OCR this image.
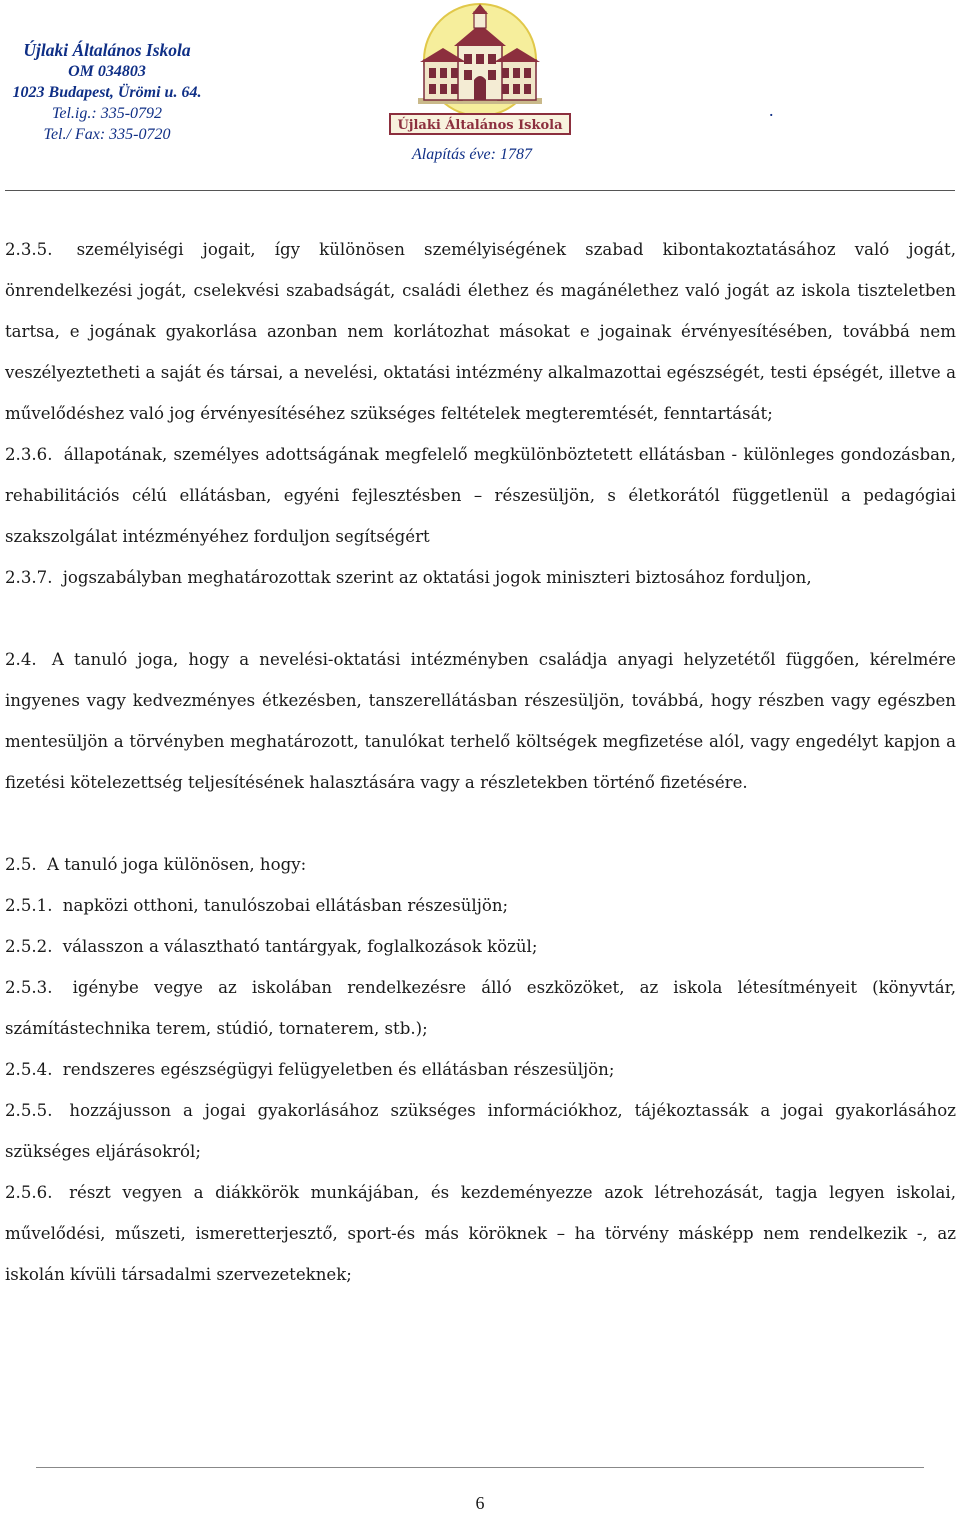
Újlaki Általános Iskola
OM 034803
1023 Budapest, Ürömi u. 64.
Tel.ig.: 335-0792
Tel./ Fax: 335-0720
Újlaki Általános Iskola
Alapítás éve: 1787
.

2.3.5. személyiségi jogait, így különösen személyiségének szabad kibontakoztatásához való jogát, önrendelkezési jogát, cselekvési szabadságát, családi élethez és magánélethez való jogát az iskola tiszteletben tartsa, e jogának gyakorlása azonban nem korlátozhat másokat e jogainak érvényesítésében, továbbá nem veszélyeztetheti a saját és társai, a nevelési, oktatási intézmény alkalmazottai egészségét, testi épségét, illetve a művelődéshez való jog érvényesítéséhez szükséges feltételek megteremtését, fenntartását;

2.3.6. állapotának, személyes adottságának megfelelő megkülönböztetett ellátásban - különleges gondozásban, rehabilitációs célú ellátásban, egyéni fejlesztésben – részesüljön, s életkorától függetlenül a pedagógiai szakszolgálat intézményéhez forduljon segítségért

2.3.7. jogszabályban meghatározottak szerint az oktatási jogok miniszteri biztosához forduljon,

2.4. A tanuló joga, hogy a nevelési-oktatási intézményben családja anyagi helyzetétől függően, kérelmére ingyenes vagy kedvezményes étkezésben, tanszerellátásban részesüljön, továbbá, hogy részben vagy egészben mentesüljön a törvényben meghatározott, tanulókat terhelő költségek megfizetése alól, vagy engedélyt kapjon a fizetési kötelezettség teljesítésének halasztására vagy a részletekben történő fizetésére.

2.5. A tanuló joga különösen, hogy:

2.5.1. napközi otthoni, tanulószobai ellátásban részesüljön;

2.5.2. válasszon a választható tantárgyak, foglalkozások közül;

2.5.3. igénybe vegye az iskolában rendelkezésre álló eszközöket, az iskola létesítményeit (könyvtár, számítástechnika terem, stúdió, tornaterem, stb.);

2.5.4. rendszeres egészségügyi felügyeletben és ellátásban részesüljön;

2.5.5. hozzájusson a jogai gyakorlásához szükséges információkhoz, tájékoztassák a jogai gyakorlásához szükséges eljárásokról;

2.5.6. részt vegyen a diákkörök munkájában, és kezdeményezze azok létrehozását, tagja legyen iskolai, művelődési, műszeti, ismeretterjesztő, sport-és más köröknek – ha törvény másképp nem rendelkezik -, az iskolán kívüli társadalmi szervezeteknek;

6
